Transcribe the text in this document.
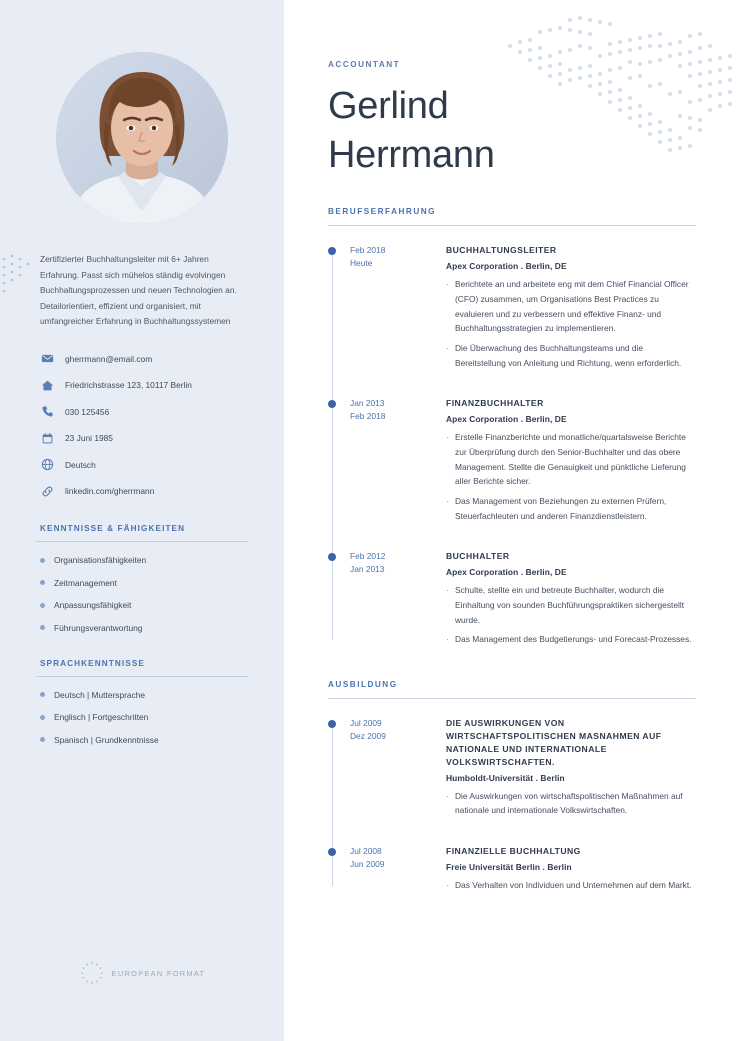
Zertifizierter Buchhaltungsleiter mit 6+ Jahren Erfahrung. Passt sich mühelos ständig evolvingen Buchhaltungsprozessen und neuen Technologien an. Detailorientiert, effizient und organisiert, mit umfangreicher Erfahrung in Buchhaltungssystemen

gherrmann@email.com
Friedrichstrasse 123, 10117 Berlin
030 125456
23 Juni 1985
Deutsch
linkedin.com/gherrmann
KENNTNISSE & FÄHIGKEITEN
Organisationsfähigkeiten
Zeitmanagement
Anpassungsfähigkeit
Führungsverantwortung
SPRACHKENNTNISSE
Deutsch | Muttersprache
Englisch | Fortgeschritten
Spanisch | Grundkenntnisse
EUROPEAN FORMAT
ACCOUNTANT
Gerlind
Herrmann
BERUFSERFAHRUNG
Feb 2018
Heute
BUCHHALTUNGSLEITER
Apex Corporation . Berlin, DE
· Berichtete an und arbeitete eng mit dem Chief Financial Officer (CFO) zusammen, um Organisations Best Practices zu evaluieren und zu verbessern und effektive Finanz- und Buchhaltungsstrategien zu implementieren.
· Die Überwachung des Buchhaltungsteams und die Bereitstellung von Anleitung und Richtung, wenn erforderlich.
Jan 2013
Feb 2018
FINANZBUCHHALTER
Apex Corporation . Berlin, DE
· Erstelle Finanzberichte und monatliche/quartalsweise Berichte zur Überprüfung durch den Senior-Buchhalter und das obere Management. Stellte die Genauigkeit und pünktliche Lieferung aller Berichte sicher.
· Das Management von Beziehungen zu externen Prüfern, Steuerfachleuten und anderen Finanzdienstleistern.
Feb 2012
Jan 2013
BUCHHALTER
Apex Corporation . Berlin, DE
· Schulte, stellte ein und betreute Buchhalter, wodurch die Einhaltung von sounden Buchführungspraktiken sichergestellt wurde.
· Das Management des Budgetierungs- und Forecast-Prozesses.
AUSBILDUNG
Jul 2009
Dez 2009
DIE AUSWIRKUNGEN VON WIRTSCHAFTSPOLITISCHEN MASNAHMEN AUF NATIONALE UND INTERNATIONALE VOLKSWIRTSCHAFTEN.
Humboldt-Universität . Berlin
· Die Auswirkungen von wirtschaftspolitischen Maßnahmen auf nationale und internationale Volkswirtschaften.
Jul 2008
Jun 2009
FINANZIELLE BUCHHALTUNG
Freie Universität Berlin . Berlin
· Das Verhalten von Individuen und Unternehmen auf dem Markt.
